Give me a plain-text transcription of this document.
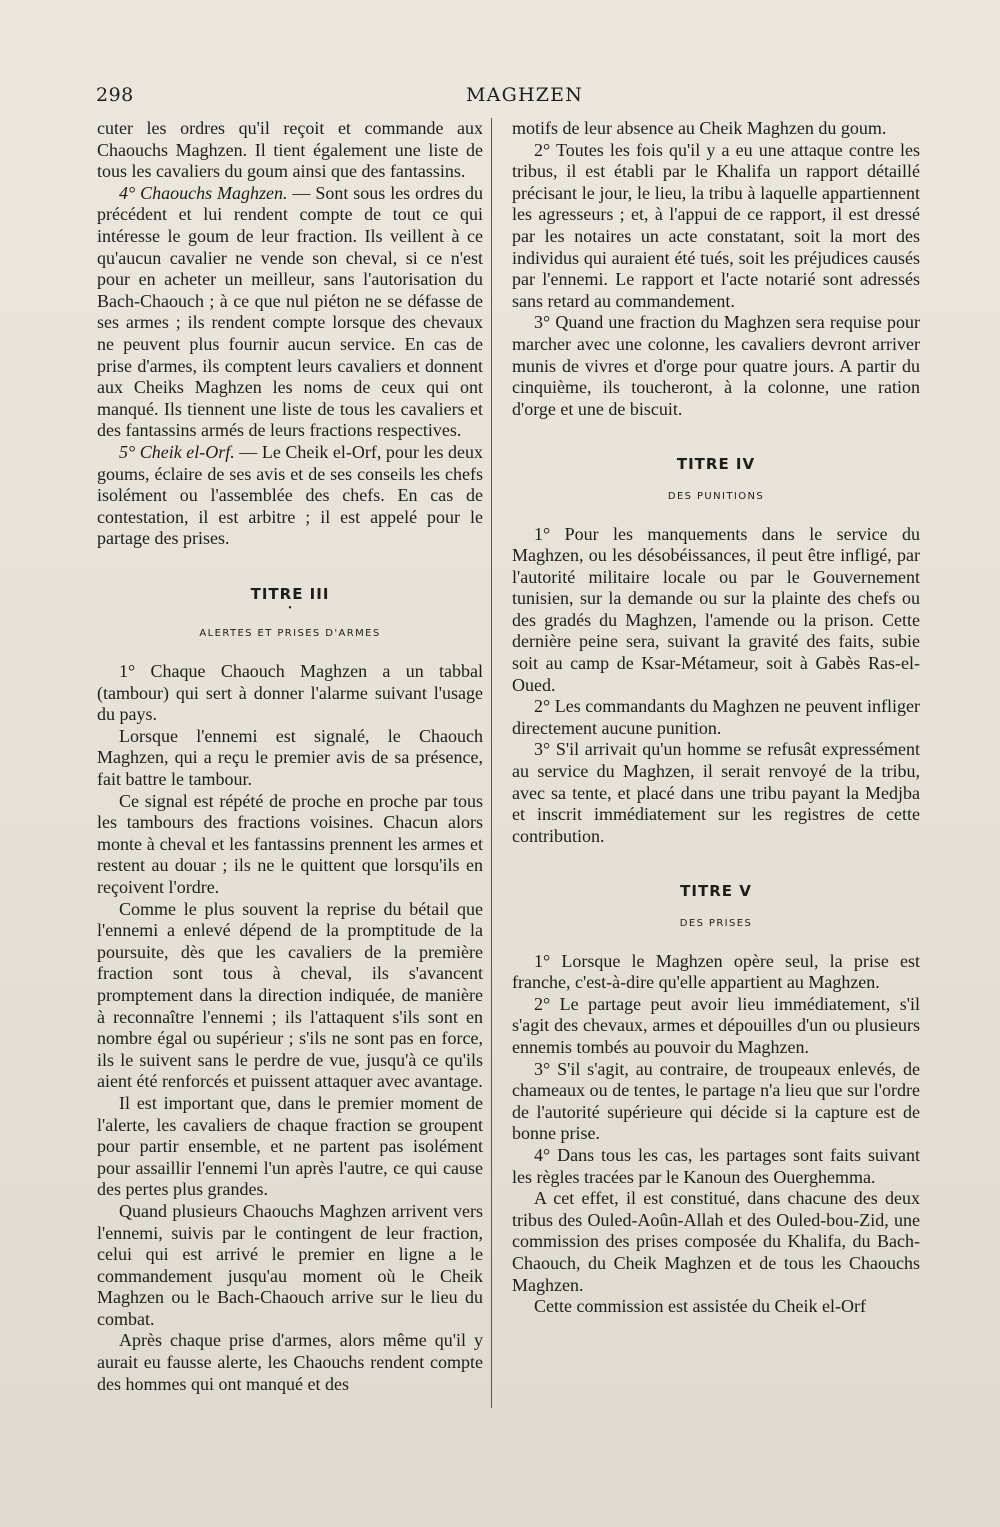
298	MAGHZEN

cuter les ordres qu'il reçoit et commande aux Chaouchs Maghzen. Il tient également une liste de tous les cavaliers du goum ainsi que des fantassins.

4° Chaouchs Maghzen. — Sont sous les ordres du précédent et lui rendent compte de tout ce qui intéresse le goum de leur fraction. Ils veillent à ce qu'aucun cavalier ne vende son cheval, si ce n'est pour en acheter un meilleur, sans l'autorisation du Bach-Chaouch ; à ce que nul piéton ne se défasse de ses armes ; ils rendent compte lorsque des chevaux ne peuvent plus fournir aucun service. En cas de prise d'armes, ils comptent leurs cavaliers et donnent aux Cheiks Maghzen les noms de ceux qui ont manqué. Ils tiennent une liste de tous les cavaliers et des fantassins armés de leurs fractions respectives.

5° Cheik el-Orf. — Le Cheik el-Orf, pour les deux goums, éclaire de ses avis et de ses conseils les chefs isolément ou l'assemblée des chefs. En cas de contestation, il est arbitre ; il est appelé pour le partage des prises.

TITRE III
•
ALERTES ET PRISES D'ARMES

1° Chaque Chaouch Maghzen a un tabbal (tambour) qui sert à donner l'alarme suivant l'usage du pays.

Lorsque l'ennemi est signalé, le Chaouch Maghzen, qui a reçu le premier avis de sa présence, fait battre le tambour.

Ce signal est répété de proche en proche par tous les tambours des fractions voisines. Chacun alors monte à cheval et les fantassins prennent les armes et restent au douar ; ils ne le quittent que lorsqu'ils en reçoivent l'ordre.

Comme le plus souvent la reprise du bétail que l'ennemi a enlevé dépend de la promptitude de la poursuite, dès que les cavaliers de la première fraction sont tous à cheval, ils s'avancent promptement dans la direction indiquée, de manière à reconnaître l'ennemi ; ils l'attaquent s'ils sont en nombre égal ou supérieur ; s'ils ne sont pas en force, ils le suivent sans le perdre de vue, jusqu'à ce qu'ils aient été renforcés et puissent attaquer avec avantage.

Il est important que, dans le premier moment de l'alerte, les cavaliers de chaque fraction se groupent pour partir ensemble, et ne partent pas isolément pour assaillir l'ennemi l'un après l'autre, ce qui cause des pertes plus grandes.

Quand plusieurs Chaouchs Maghzen arrivent vers l'ennemi, suivis par le contingent de leur fraction, celui qui est arrivé le premier en ligne a le commandement jusqu'au moment où le Cheik Maghzen ou le Bach-Chaouch arrive sur le lieu du combat.

Après chaque prise d'armes, alors même qu'il y aurait eu fausse alerte, les Chaouchs rendent compte des hommes qui ont manqué et des

motifs de leur absence au Cheik Maghzen du goum.

2° Toutes les fois qu'il y a eu une attaque contre les tribus, il est établi par le Khalifa un rapport détaillé précisant le jour, le lieu, la tribu à laquelle appartiennent les agresseurs ; et, à l'appui de ce rapport, il est dressé par les notaires un acte constatant, soit la mort des individus qui auraient été tués, soit les préjudices causés par l'ennemi. Le rapport et l'acte notarié sont adressés sans retard au commandement.

3° Quand une fraction du Maghzen sera requise pour marcher avec une colonne, les cavaliers devront arriver munis de vivres et d'orge pour quatre jours. A partir du cinquième, ils toucheront, à la colonne, une ration d'orge et une de biscuit.

TITRE IV
DES PUNITIONS

1° Pour les manquements dans le service du Maghzen, ou les désobéissances, il peut être infligé, par l'autorité militaire locale ou par le Gouvernement tunisien, sur la demande ou sur la plainte des chefs ou des gradés du Maghzen, l'amende ou la prison. Cette dernière peine sera, suivant la gravité des faits, subie soit au camp de Ksar-Métameur, soit à Gabès Ras-el-Oued.

2° Les commandants du Maghzen ne peuvent infliger directement aucune punition.

3° S'il arrivait qu'un homme se refusât expressément au service du Maghzen, il serait renvoyé de la tribu, avec sa tente, et placé dans une tribu payant la Medjba et inscrit immédiatement sur les registres de cette contribution.

TITRE V
DES PRISES

1° Lorsque le Maghzen opère seul, la prise est franche, c'est-à-dire qu'elle appartient au Maghzen.

2° Le partage peut avoir lieu immédiatement, s'il s'agit des chevaux, armes et dépouilles d'un ou plusieurs ennemis tombés au pouvoir du Maghzen.

3° S'il s'agit, au contraire, de troupeaux enlevés, de chameaux ou de tentes, le partage n'a lieu que sur l'ordre de l'autorité supérieure qui décide si la capture est de bonne prise.

4° Dans tous les cas, les partages sont faits suivant les règles tracées par le Kanoun des Ouerghemma.

A cet effet, il est constitué, dans chacune des deux tribus des Ouled-Aoûn-Allah et des Ouled-bou-Zid, une commission des prises composée du Khalifa, du Bach-Chaouch, du Cheik Maghzen et de tous les Chaouchs Maghzen.

Cette commission est assistée du Cheik el-Orf
